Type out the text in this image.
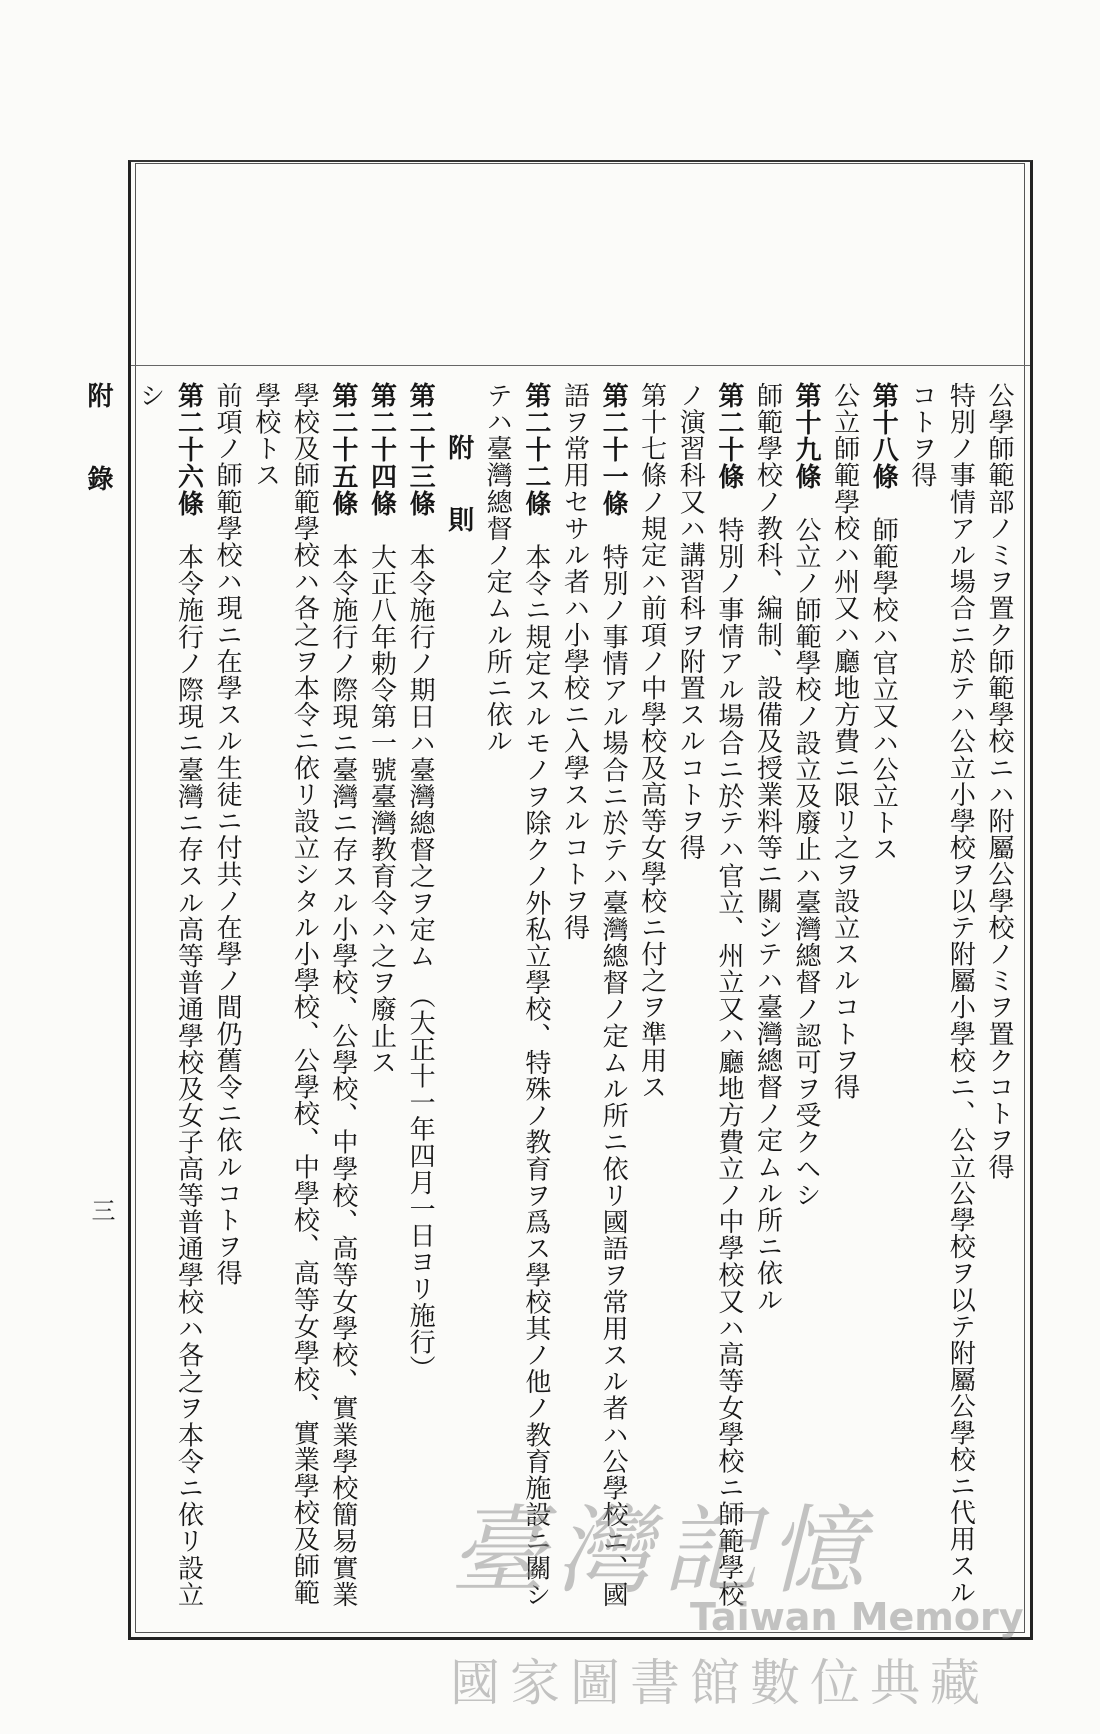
附 錄
三

公學師範部ノミヲ置ク師範學校ニハ附屬公學校ノミヲ置クコトヲ得

特別ノ事情アル場合ニ於テハ公立小學校ヲ以テ附屬小學校ニ、公立公學校ヲ以テ附屬公學校ニ代用スルコトヲ得

第十八條　師範學校ハ官立又ハ公立トス

公立師範學校ハ州又ハ廳地方費ニ限リ之ヲ設立スルコトヲ得

第十九條　公立ノ師範學校ノ設立及廢止ハ臺灣總督ノ認可ヲ受クヘシ

師範學校ノ教科、編制、設備及授業料等ニ關シテハ臺灣總督ノ定ムル所ニ依ル

第二十條　特別ノ事情アル場合ニ於テハ官立、州立又ハ廳地方費立ノ中學校又ハ高等女學校ニ師範學校ノ演習科又ハ講習科ヲ附置スルコトヲ得

第十七條ノ規定ハ前項ノ中學校及高等女學校ニ付之ヲ準用ス

第二十一條　特別ノ事情アル場合ニ於テハ臺灣總督ノ定ムル所ニ依リ國語ヲ常用スル者ハ公學校ニ、國語ヲ常用セサル者ハ小學校ニ入學スルコトヲ得

第二十二條　本令ニ規定スルモノヲ除クノ外私立學校、特殊ノ教育ヲ爲ス學校其ノ他ノ教育施設ニ關シテハ臺灣總督ノ定ムル所ニ依ル

附　則

第二十三條　本令施行ノ期日ハ臺灣總督之ヲ定ム　（大正十一年四月一日ヨリ施行）

第二十四條　大正八年勅令第一號臺灣教育令ハ之ヲ廢止ス

第二十五條　本令施行ノ際現ニ臺灣ニ存スル小學校、公學校、中學校、高等女學校、實業學校簡易實業學校及師範學校ハ各之ヲ本令ニ依リ設立シタル小學校、公學校、中學校、高等女學校、實業學校及師範學校トス

前項ノ師範學校ハ現ニ在學スル生徒ニ付共ノ在學ノ間仍舊令ニ依ルコトヲ得

第二十六條　本令施行ノ際現ニ臺灣ニ存スル高等普通學校及女子高等普通學校ハ各之ヲ本令ニ依リ設立シ

臺灣記憶
Taiwan Memory
國家圖書館數位典藏
